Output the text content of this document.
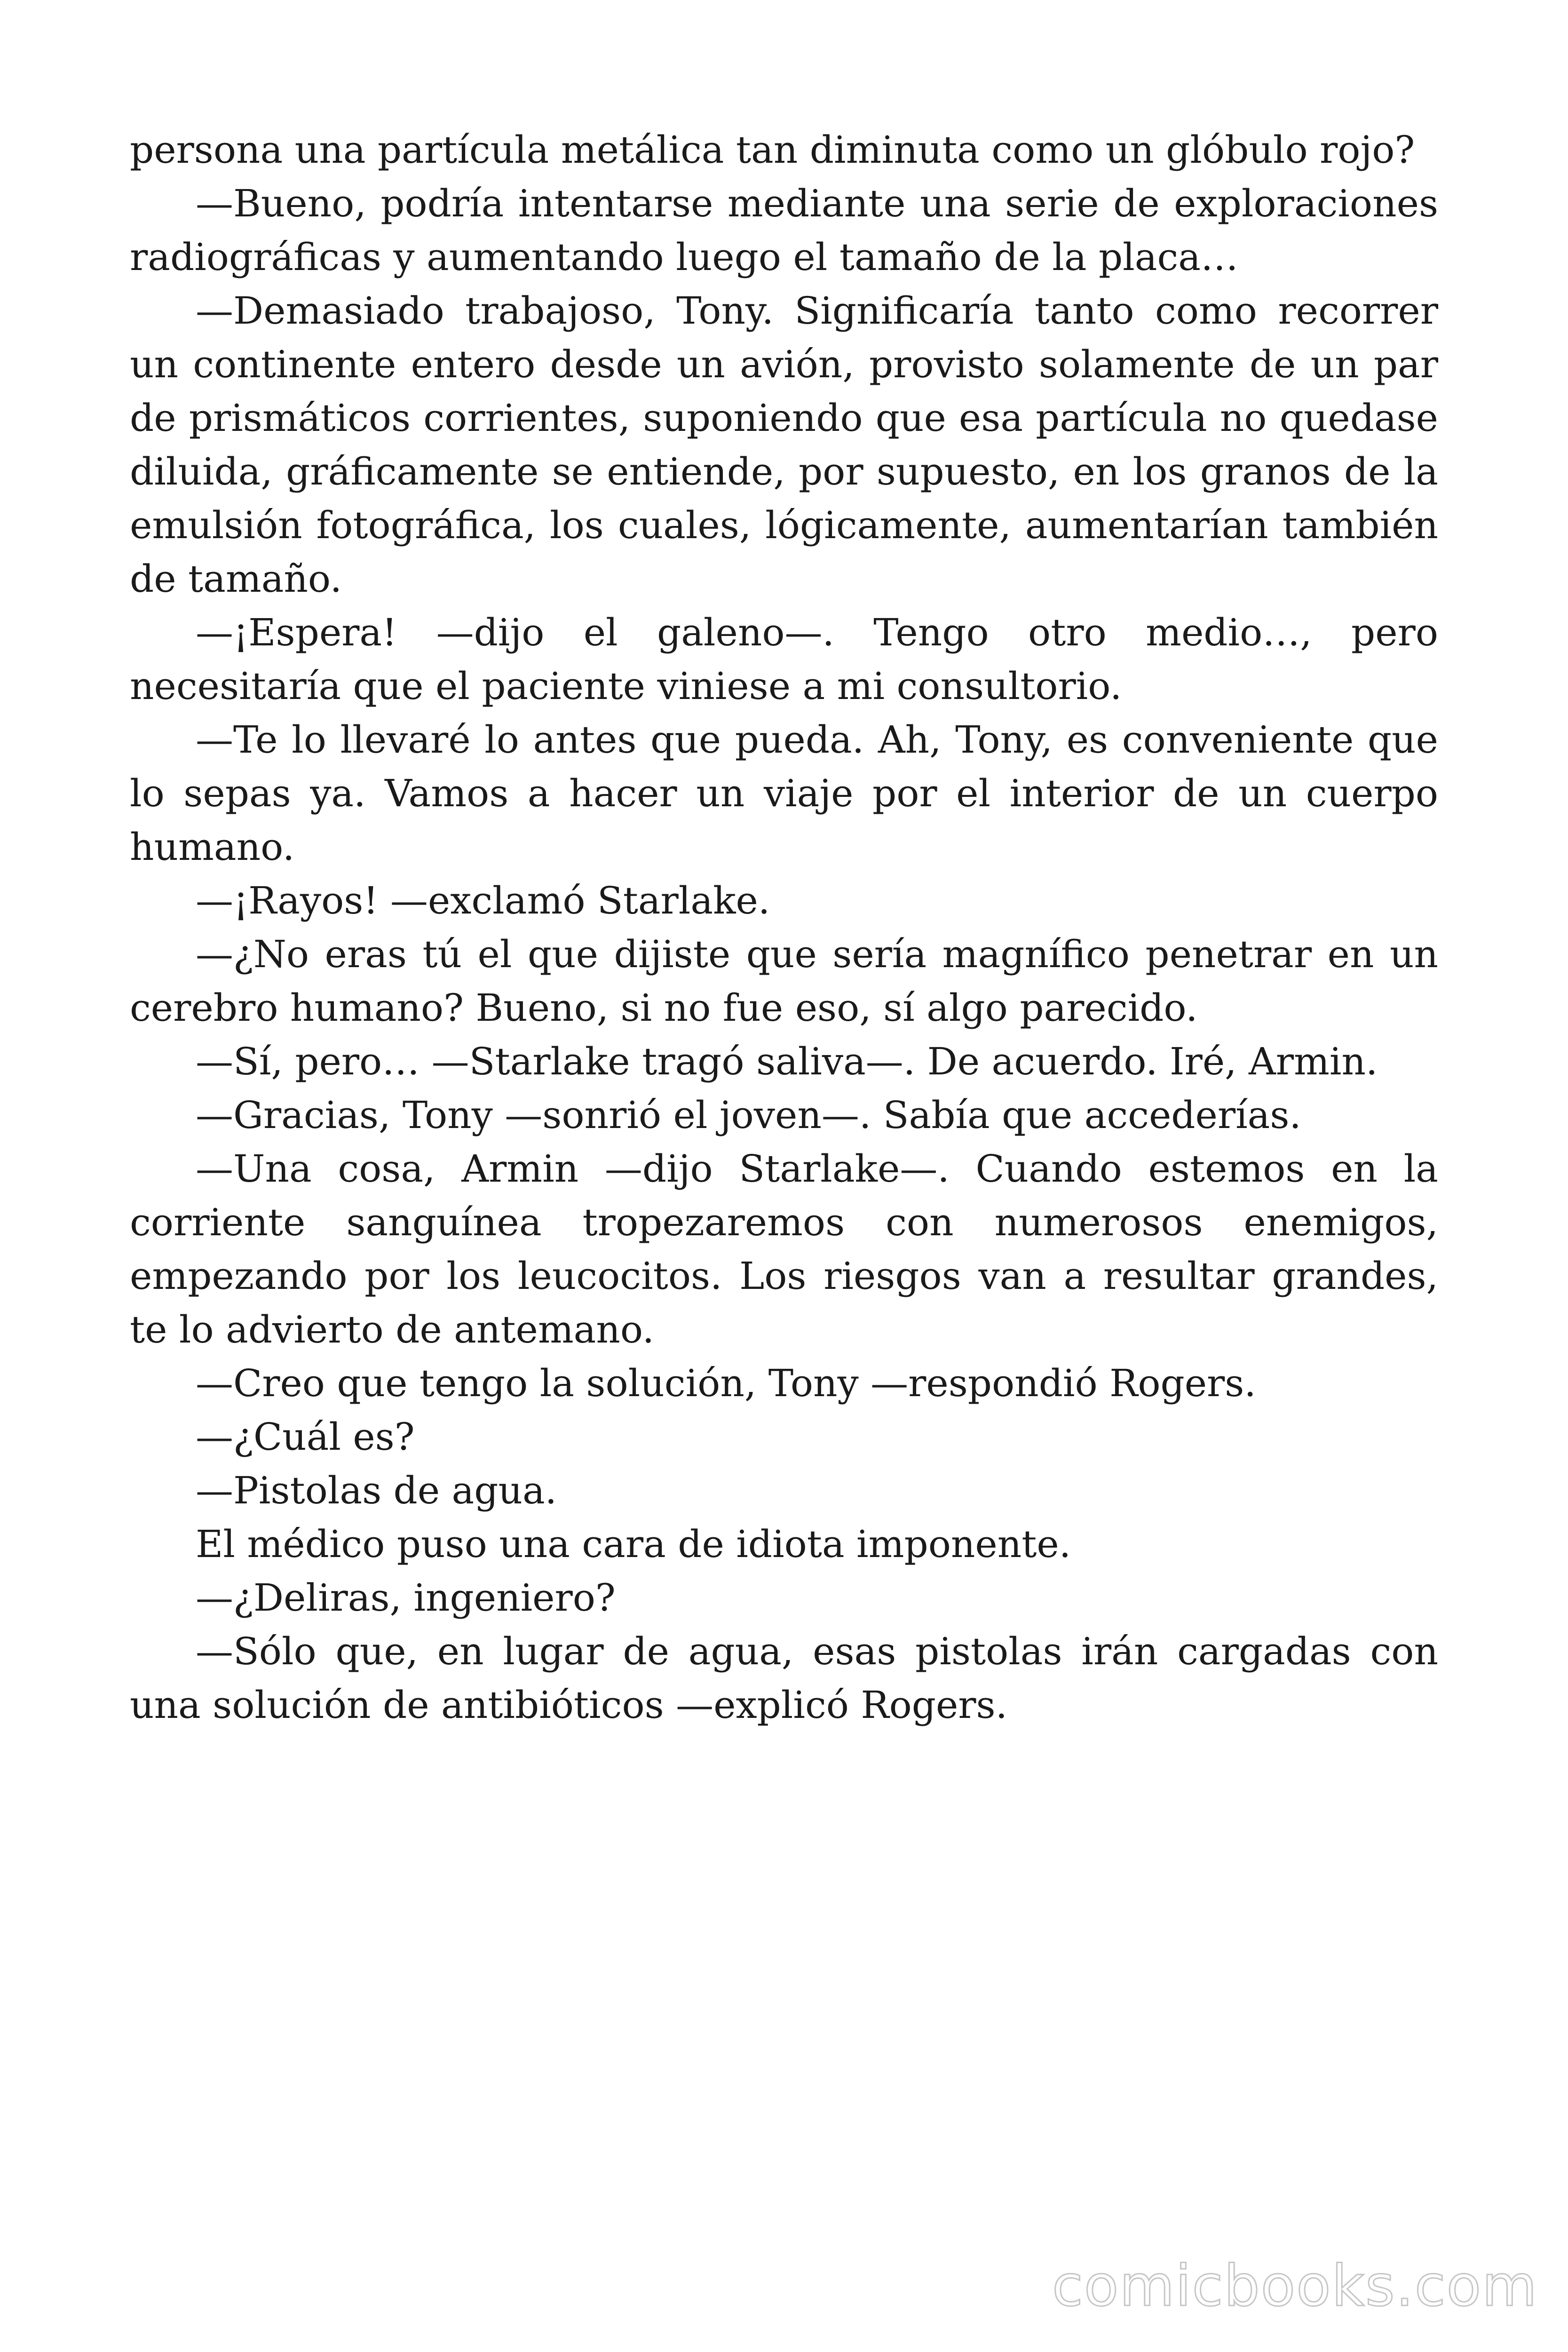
persona una partícula metálica tan diminuta como un glóbulo rojo?

—Bueno, podría intentarse mediante una serie de exploraciones radiográficas y aumentando luego el tamaño de la placa…

—Demasiado trabajoso, Tony. Significaría tanto como recorrer un continente entero desde un avión, provisto solamente de un par de prismáticos corrientes, suponiendo que esa partícula no quedase diluida, gráficamente se entiende, por supuesto, en los granos de la emulsión fotográfica, los cuales, lógicamente, aumentarían también de tamaño.

—¡Espera! —dijo el galeno—. Tengo otro medio…, pero necesitaría que el paciente viniese a mi consultorio.

—Te lo llevaré lo antes que pueda. Ah, Tony, es conveniente que lo sepas ya. Vamos a hacer un viaje por el interior de un cuerpo humano.

—¡Rayos! —exclamó Starlake.

—¿No eras tú el que dijiste que sería magnífico penetrar en un cerebro humano? Bueno, si no fue eso, sí algo parecido.

—Sí, pero… —Starlake tragó saliva—. De acuerdo. Iré, Armin.

—Gracias, Tony —sonrió el joven—. Sabía que accederías.

—Una cosa, Armin —dijo Starlake—. Cuando estemos en la corriente sanguínea tropezaremos con numerosos enemigos, empezando por los leucocitos. Los riesgos van a resultar grandes, te lo advierto de antemano.

—Creo que tengo la solución, Tony —respondió Rogers.

—¿Cuál es?

—Pistolas de agua.

El médico puso una cara de idiota imponente.

—¿Deliras, ingeniero?

—Sólo que, en lugar de agua, esas pistolas irán cargadas con una solución de antibióticos —explicó Rogers.

comicbooks.com
